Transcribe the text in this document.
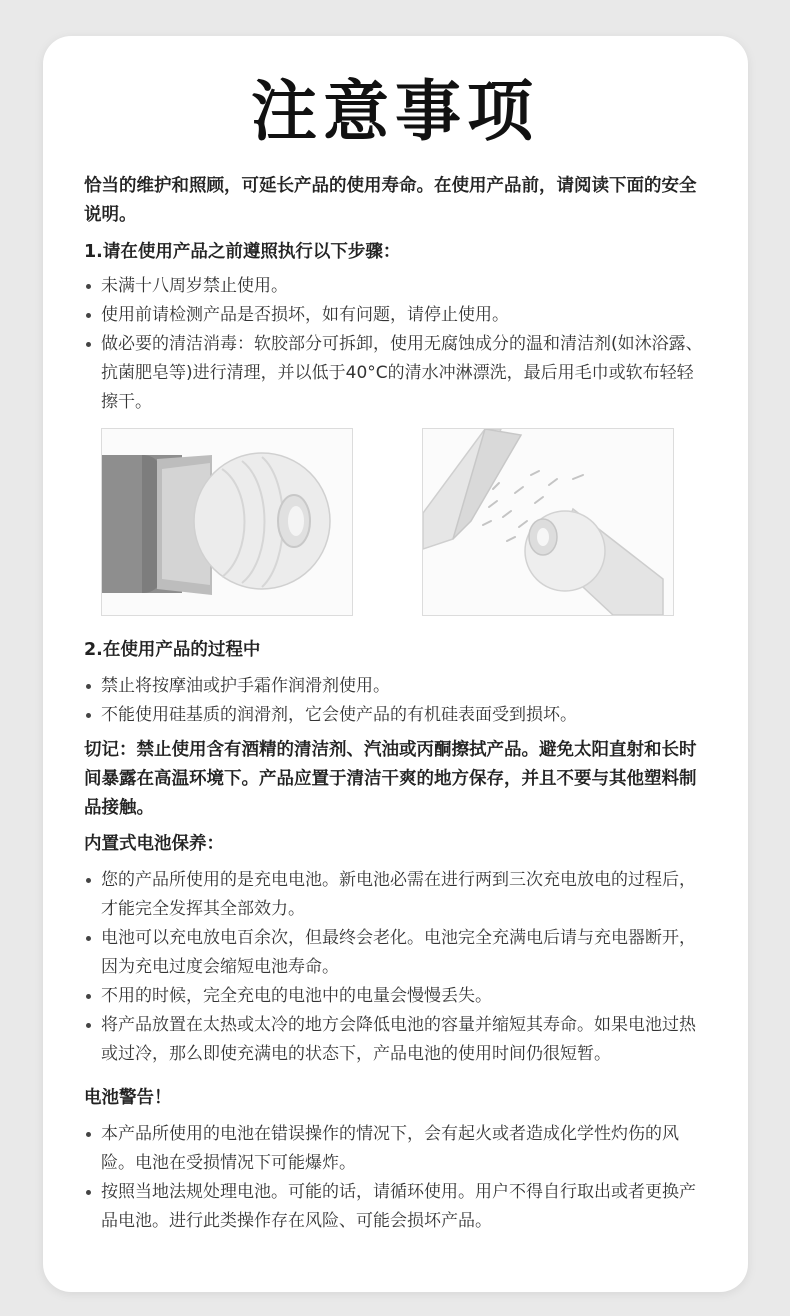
注意事项
恰当的维护和照顾，可延长产品的使用寿命。在使用产品前，请阅读下面的安全说明。
1.请在使用产品之前遵照执行以下步骤：
未满十八周岁禁止使用。
使用前请检测产品是否损坏，如有问题，请停止使用。
做必要的清洁消毒：软胶部分可拆卸，使用无腐蚀成分的温和清洁剂(如沐浴露、抗菌肥皂等)进行清理，并以低于40°C的清水冲淋漂洗，最后用毛巾或软布轻轻擦干。
2.在使用产品的过程中
禁止将按摩油或护手霜作润滑剂使用。
不能使用硅基质的润滑剂，它会使产品的有机硅表面受到损坏。
切记：禁止使用含有酒精的清洁剂、汽油或丙酮擦拭产品。避免太阳直射和长时间暴露在高温环境下。产品应置于清洁干爽的地方保存，并且不要与其他塑料制品接触。
内置式电池保养：
您的产品所使用的是充电电池。新电池必需在进行两到三次充电放电的过程后，才能完全发挥其全部效力。
电池可以充电放电百余次，但最终会老化。电池完全充满电后请与充电器断开，因为充电过度会缩短电池寿命。
不用的时候，完全充电的电池中的电量会慢慢丢失。
将产品放置在太热或太冷的地方会降低电池的容量并缩短其寿命。如果电池过热或过冷，那么即使充满电的状态下，产品电池的使用时间仍很短暂。
电池警告！
本产品所使用的电池在错误操作的情况下，会有起火或者造成化学性灼伤的风险。电池在受损情况下可能爆炸。
按照当地法规处理电池。可能的话，请循环使用。用户不得自行取出或者更换产品电池。进行此类操作存在风险、可能会损坏产品。
